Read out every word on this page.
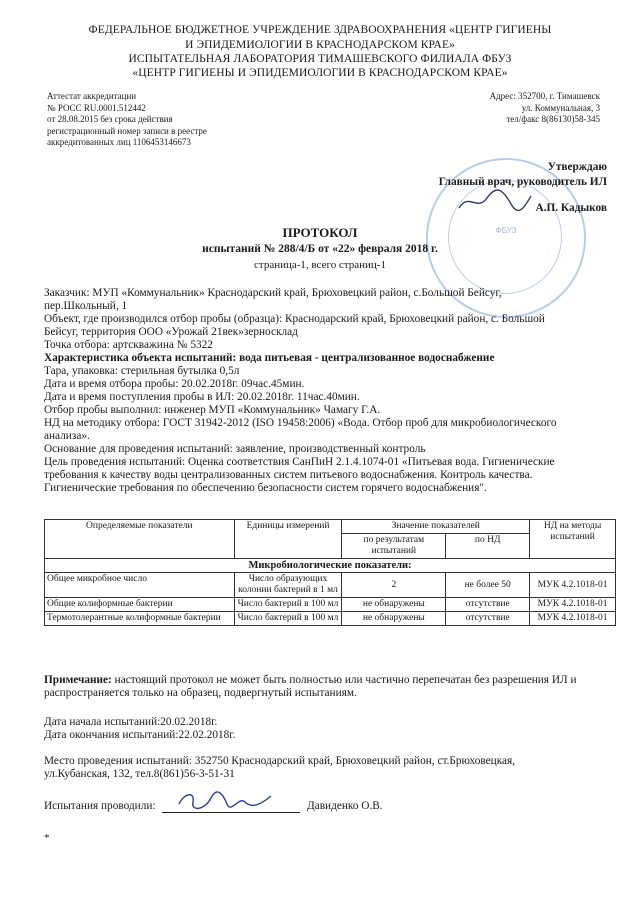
ФЕДЕРАЛЬНОЕ БЮДЖЕТНОЕ УЧРЕЖДЕНИЕ ЗДРАВООХРАНЕНИЯ «ЦЕНТР ГИГИЕНЫ
И ЭПИДЕМИОЛОГИИ В КРАСНОДАРСКОМ КРАЕ»
ИСПЫТАТЕЛЬНАЯ ЛАБОРАТОРИЯ ТИМАШЕВСКОГО ФИЛИАЛА ФБУЗ
«ЦЕНТР ГИГИЕНЫ И ЭПИДЕМИОЛОГИИ В КРАСНОДАРСКОМ КРАЕ»
Аттестат аккредитации
№ РОСС RU.0001.512442
от 28.08.2015 без срока действия
регистрационный номер записи в реестре
аккредитованных лиц 1106453146673
Адрес: 352700, г. Тимашевск
ул. Коммунальная, 3
тел/факс 8(86130)58-345
ФБУЗ
Утверждаю
Главный врач, руководитель ИЛ
А.П. Кадыков
ПРОТОКОЛ
испытаний № 288/4/Б от «22» февраля 2018 г.
страница-1, всего страниц-1
Заказчик: МУП «Коммунальник» Краснодарский край, Брюховецкий район, с.Большой Бейсуг,
пер.Школьный, 1
Объект, где производился отбор пробы (образца): Краснодарский край, Брюховецкий район, с. Большой
Бейсуг, территория ООО «Урожай 21век»зерносклад
Точка отбора: артскважина № 5322
Характеристика объекта испытаний: вода питьевая - централизованное водоснабжение
Тара, упаковка: стерильная бутылка 0,5л
Дата и время отбора пробы: 20.02.2018г. 09час.45мин.
Дата и время поступления пробы в ИЛ: 20.02.2018г. 11час.40мин.
Отбор пробы выполнил: инженер МУП «Коммунальник» Чамагу Г.А.
НД на методику отбора: ГОСТ 31942-2012 (ISO 19458:2006) «Вода. Отбор проб для микробиологического
анализа».
Основание для проведения испытаний: заявление, производственный контроль
Цель проведения испытаний: Оценка соответствия СанПиН 2.1.4.1074-01 «Питьевая вода. Гигиенические
требования к качеству воды централизованных систем питьевого водоснабжения. Контроль качества.
Гигиенические требования по обеспечению безопасности систем горячего водоснабжения".
Определяемые показатели	Единицы измерений	Значение показателей		НД на методы испытаний
		по результатам испытаний	по НД	
Микробиологические показатели:				
Общее микробное число	Число образующих колонии бактерий в 1 мл	2	не более 50	МУК 4.2.1018-01
Общие колиформные бактерии	Число бактерий в 100 мл	не обнаружены	отсутствие	МУК 4.2.1018-01
Термотолерантные колиформные бактерии	Число бактерий в 100 мл	не обнаружены	отсутствие	МУК 4.2.1018-01
Примечание: настоящий протокол не может быть полностью или частично перепечатан без разрешения ИЛ и
распространяется только на образец, подвергнутый испытаниям.
Дата начала испытаний:20.02.2018г.
Дата окончания испытаний:22.02.2018г.
Место проведения испытаний: 352750 Краснодарский край, Брюховецкий район, ст.Брюховецкая,
ул.Кубанская, 132, тел.8(861)56-3-51-31
Испытания проводили:	Давиденко О.В.
*
